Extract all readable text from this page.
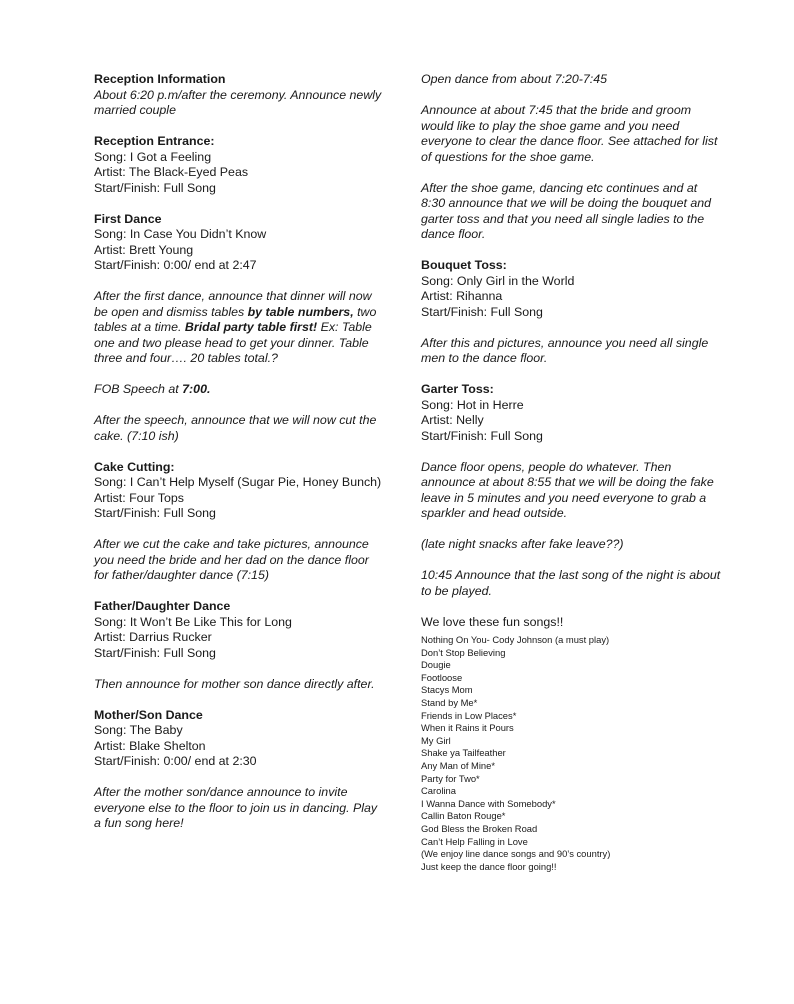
Reception Information
About 6:20 p.m/after the ceremony. Announce newly married couple
Reception Entrance:
Song: I Got a Feeling
Artist: The Black-Eyed Peas
Start/Finish: Full Song
First Dance
Song: In Case You Didn’t Know
Artist: Brett Young
Start/Finish: 0:00/ end at 2:47
After the first dance, announce that dinner will now be open and dismiss tables by table numbers, two tables at a time. Bridal party table first! Ex: Table one and two please head to get your dinner. Table three and four…. 20 tables total.?
FOB Speech at 7:00.
After the speech, announce that we will now cut the cake. (7:10 ish)
Cake Cutting:
Song: I Can’t Help Myself (Sugar Pie, Honey Bunch)
Artist: Four Tops
Start/Finish: Full Song
After we cut the cake and take pictures, announce you need the bride and her dad on the dance floor for father/daughter dance (7:15)
Father/Daughter Dance
Song: It Won’t Be Like This for Long
Artist: Darrius Rucker
Start/Finish: Full Song
Then announce for mother son dance directly after.
Mother/Son Dance
Song: The Baby
Artist: Blake Shelton
Start/Finish: 0:00/ end at 2:30
After the mother son/dance announce to invite everyone else to the floor to join us in dancing. Play a fun song here!
Open dance from about 7:20-7:45
Announce at about 7:45 that the bride and groom would like to play the shoe game and you need everyone to clear the dance floor. See attached for list of questions for the shoe game.
After the shoe game, dancing etc continues and at 8:30 announce that we will be doing the bouquet and garter toss and that you need all single ladies to the dance floor.
Bouquet Toss:
Song: Only Girl in the World
Artist: Rihanna
Start/Finish: Full Song
After this and pictures, announce you need all single men to the dance floor.
Garter Toss:
Song: Hot in Herre
Artist: Nelly
Start/Finish: Full Song
Dance floor opens, people do whatever. Then announce at about 8:55 that we will be doing the fake leave in 5 minutes and you need everyone to grab a sparkler and head outside.
(late night snacks after fake leave??)
10:45 Announce that the last song of the night is about to be played.
We love these fun songs!!
Nothing On You- Cody Johnson (a must play)
Don’t Stop Believing
Dougie
Footloose
Stacys Mom
Stand by Me*
Friends in Low Places*
When it Rains it Pours
My Girl
Shake ya Tailfeather
Any Man of Mine*
Party for Two*
Carolina
I Wanna Dance with Somebody*
Callin Baton Rouge*
God Bless the Broken Road
Can’t Help Falling in Love
(We enjoy line dance songs and 90’s country)
Just keep the dance floor going!!
